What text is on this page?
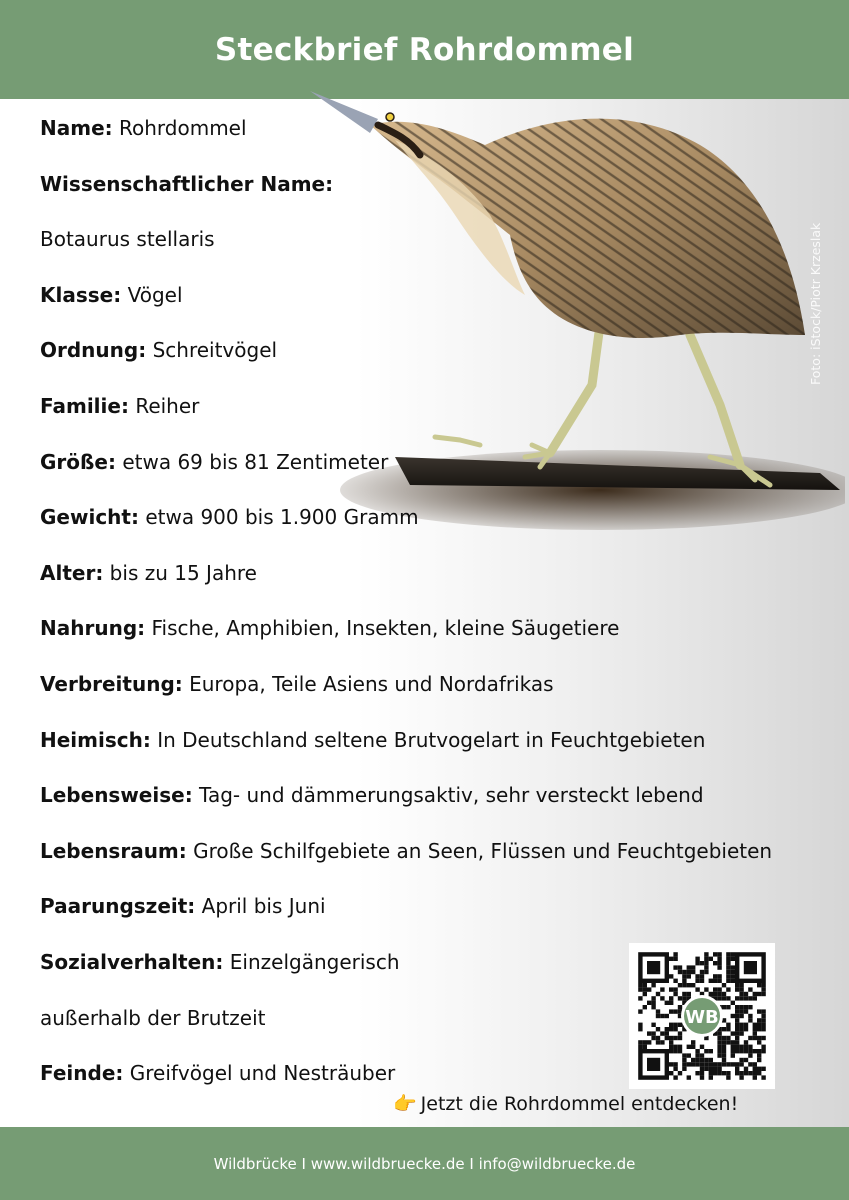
Steckbrief Rohrdommel
Foto: iStock/Piotr Krzeslak
Name: Rohrdommel
Wissenschaftlicher Name:
Botaurus stellaris
Klasse: Vögel
Ordnung: Schreitvögel
Familie: Reiher
Größe: etwa 69 bis 81 Zentimeter
Gewicht: etwa 900 bis 1.900 Gramm
Alter: bis zu 15 Jahre
Nahrung: Fische, Amphibien, Insekten, kleine Säugetiere
Verbreitung: Europa, Teile Asiens und Nordafrikas
Heimisch: In Deutschland seltene Brutvogelart in Feuchtgebieten
Lebensweise: Tag- und dämmerungsaktiv, sehr versteckt lebend
Lebensraum: Große Schilfgebiete an Seen, Flüssen und Feuchtgebieten
Paarungszeit: April bis Juni
Sozialverhalten: Einzelgängerisch
außerhalb der Brutzeit
Feinde: Greifvögel und Nesträuber
WB
👉 Jetzt die Rohrdommel entdecken!
Wildbrücke I www.wildbruecke.de I info@wildbruecke.de
